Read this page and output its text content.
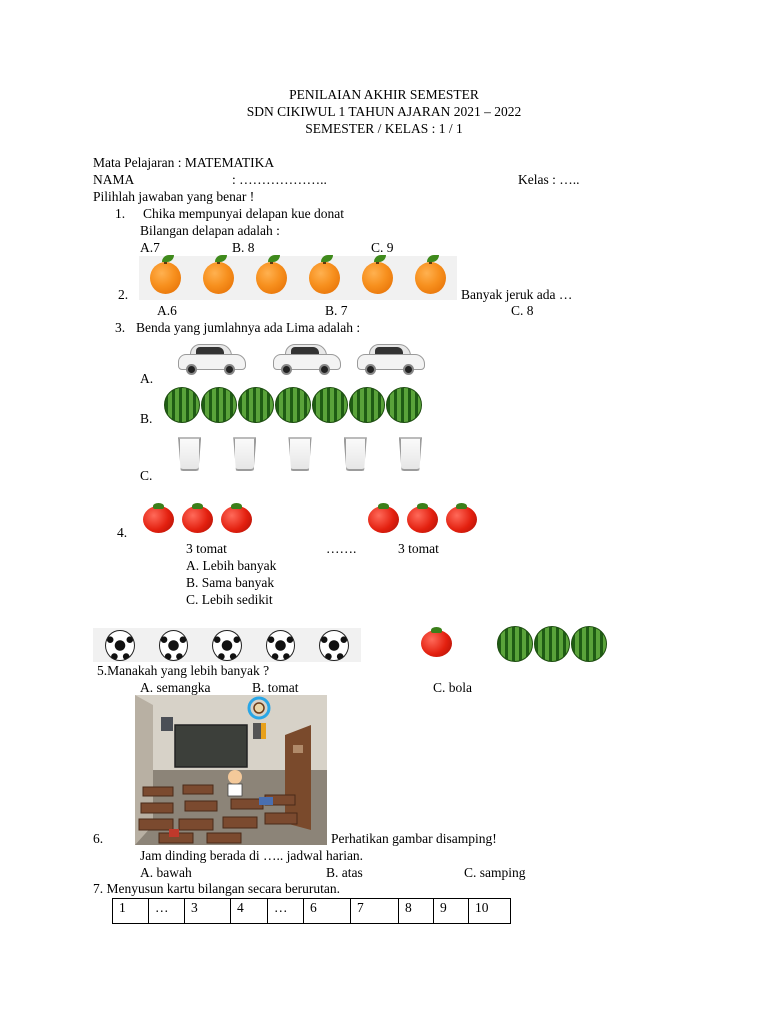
PENILAIAN AKHIR SEMESTER
SDN CIKIWUL 1 TAHUN AJARAN 2021 – 2022
SEMESTER / KELAS : 1 / 1
Mata Pelajaran : MATEMATIKA
NAMA	: ………………..	Kelas : …..
Pilihlah jawaban yang benar !
1. Chika mempunyai delapan kue donat
Bilangan delapan adalah :
A.7	B. 8	C. 9
2.	Banyak jeruk ada …
A.6	B. 7	C. 8
3. Benda yang jumlahnya ada Lima adalah :
A.
B.
C.
4.
3 tomat	…….	3 tomat
A. Lebih banyak
B. Sama banyak
C. Lebih sedikit
5.Manakah yang lebih banyak ?
A. semangka	B. tomat	C. bola
6.	Perhatikan gambar disamping!
Jam dinding berada di ….. jadwal harian.
A. bawah	B. atas	C. samping
7. Menyusun kartu bilangan secara berurutan.
1	…	3	4	…	6	7	8	9	10
